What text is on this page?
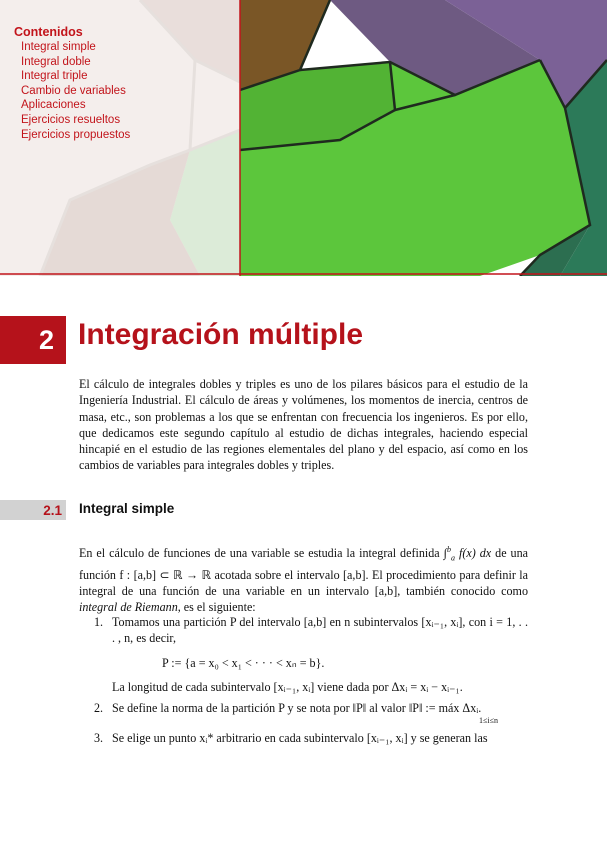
Contenidos
Integral simple
Integral doble
Integral triple
Cambio de variables
Aplicaciones
Ejercicios resueltos
Ejercicios propuestos
2 Integración múltiple

El cálculo de integrales dobles y triples es uno de los pilares básicos para el estudio de la Ingeniería Industrial. El cálculo de áreas y volúmenes, los momentos de inercia, centros de masa, etc., son problemas a los que se enfrentan con frecuencia los ingenieros. Es por ello, que dedicamos este segundo capítulo al estudio de dichas integrales, haciendo especial hincapié en el estudio de las regiones elementales del plano y del espacio, así como en los cambios de variables para integrales dobles y triples.

2.1 Integral simple

En el cálculo de funciones de una variable se estudia la integral definida ∫$^b_a$ f(x) dx de una función f : [a,b] ⊂ ℝ → ℝ acotada sobre el intervalo [a,b]. El procedimiento para definir la integral de una función de una variable en un intervalo [a,b], también conocido como integral de Riemann, es el siguiente:

1. Tomamos una partición P del intervalo [a,b] en n subintervalos [xᵢ₋₁, xᵢ], con i = 1, . . . , n, es decir,
P := {a = x₀ < x₁ < · · · < xₙ = b}.
La longitud de cada subintervalo [xᵢ₋₁, xᵢ] viene dada por Δxᵢ = xᵢ − xᵢ₋₁.
2. Se define la norma de la partición P y se nota por ‖P‖ al valor ‖P‖ := máx Δxᵢ.
1≤i≤n
3. Se elige un punto xᵢ* arbitrario en cada subintervalo [xᵢ₋₁, xᵢ] y se generan las
